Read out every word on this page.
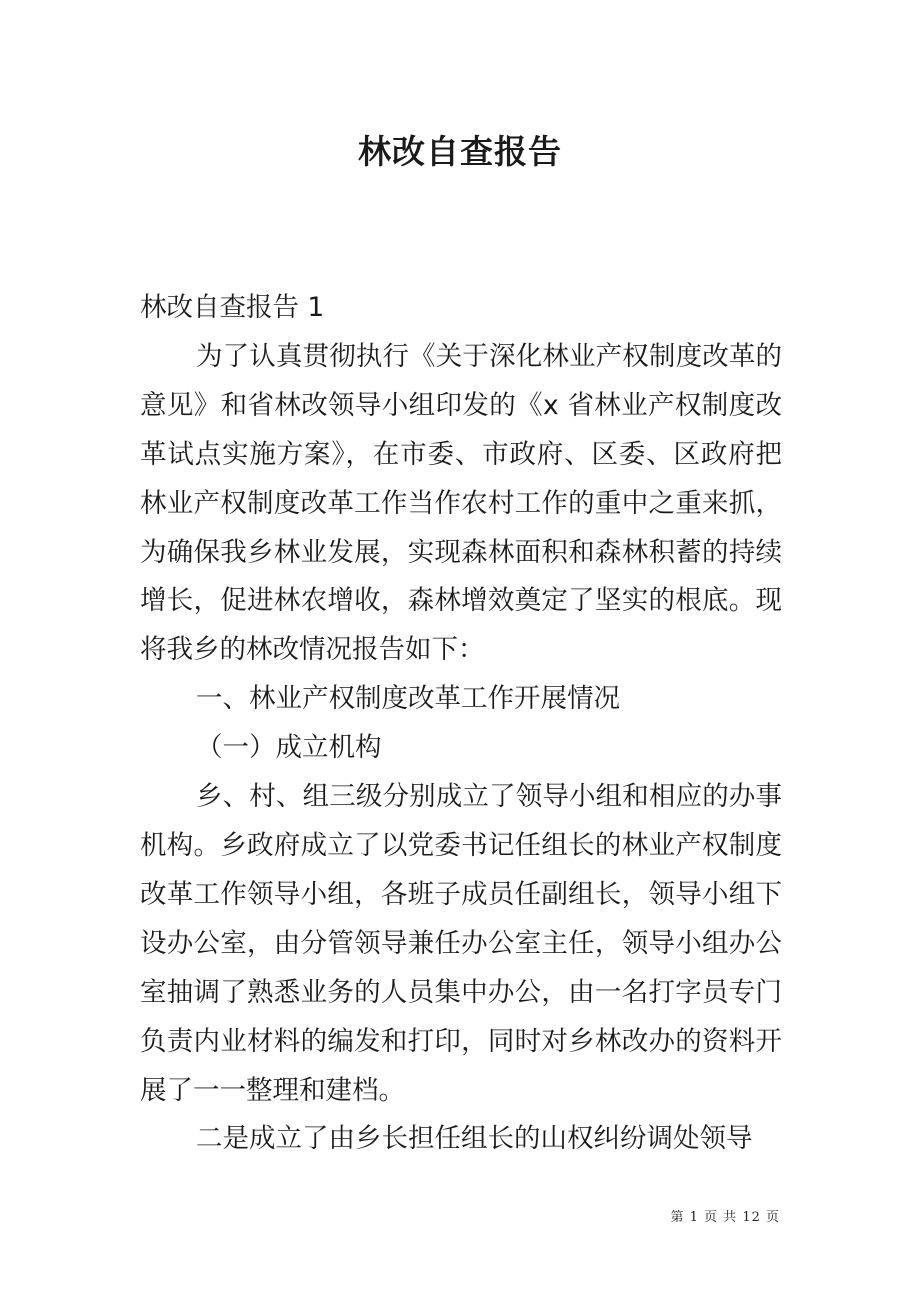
林改自查报告

林改自查报告 1

为了认真贯彻执行《关于深化林业产权制度改革的意见》和省林改领导小组印发的《x 省林业产权制度改革试点实施方案》，在市委、市政府、区委、区政府把林业产权制度改革工作当作农村工作的重中之重来抓，为确保我乡林业发展，实现森林面积和森林积蓄的持续增长，促进林农增收，森林增效奠定了坚实的根底。现将我乡的林改情况报告如下：

一、林业产权制度改革工作开展情况

（一）成立机构

乡、村、组三级分别成立了领导小组和相应的办事机构。乡政府成立了以党委书记任组长的林业产权制度改革工作领导小组，各班子成员任副组长，领导小组下设办公室，由分管领导兼任办公室主任，领导小组办公室抽调了熟悉业务的人员集中办公，由一名打字员专门负责内业材料的编发和打印，同时对乡林改办的资料开展了一一整理和建档。

二是成立了由乡长担任组长的山权纠纷调处领导

第 1 页 共 12 页
